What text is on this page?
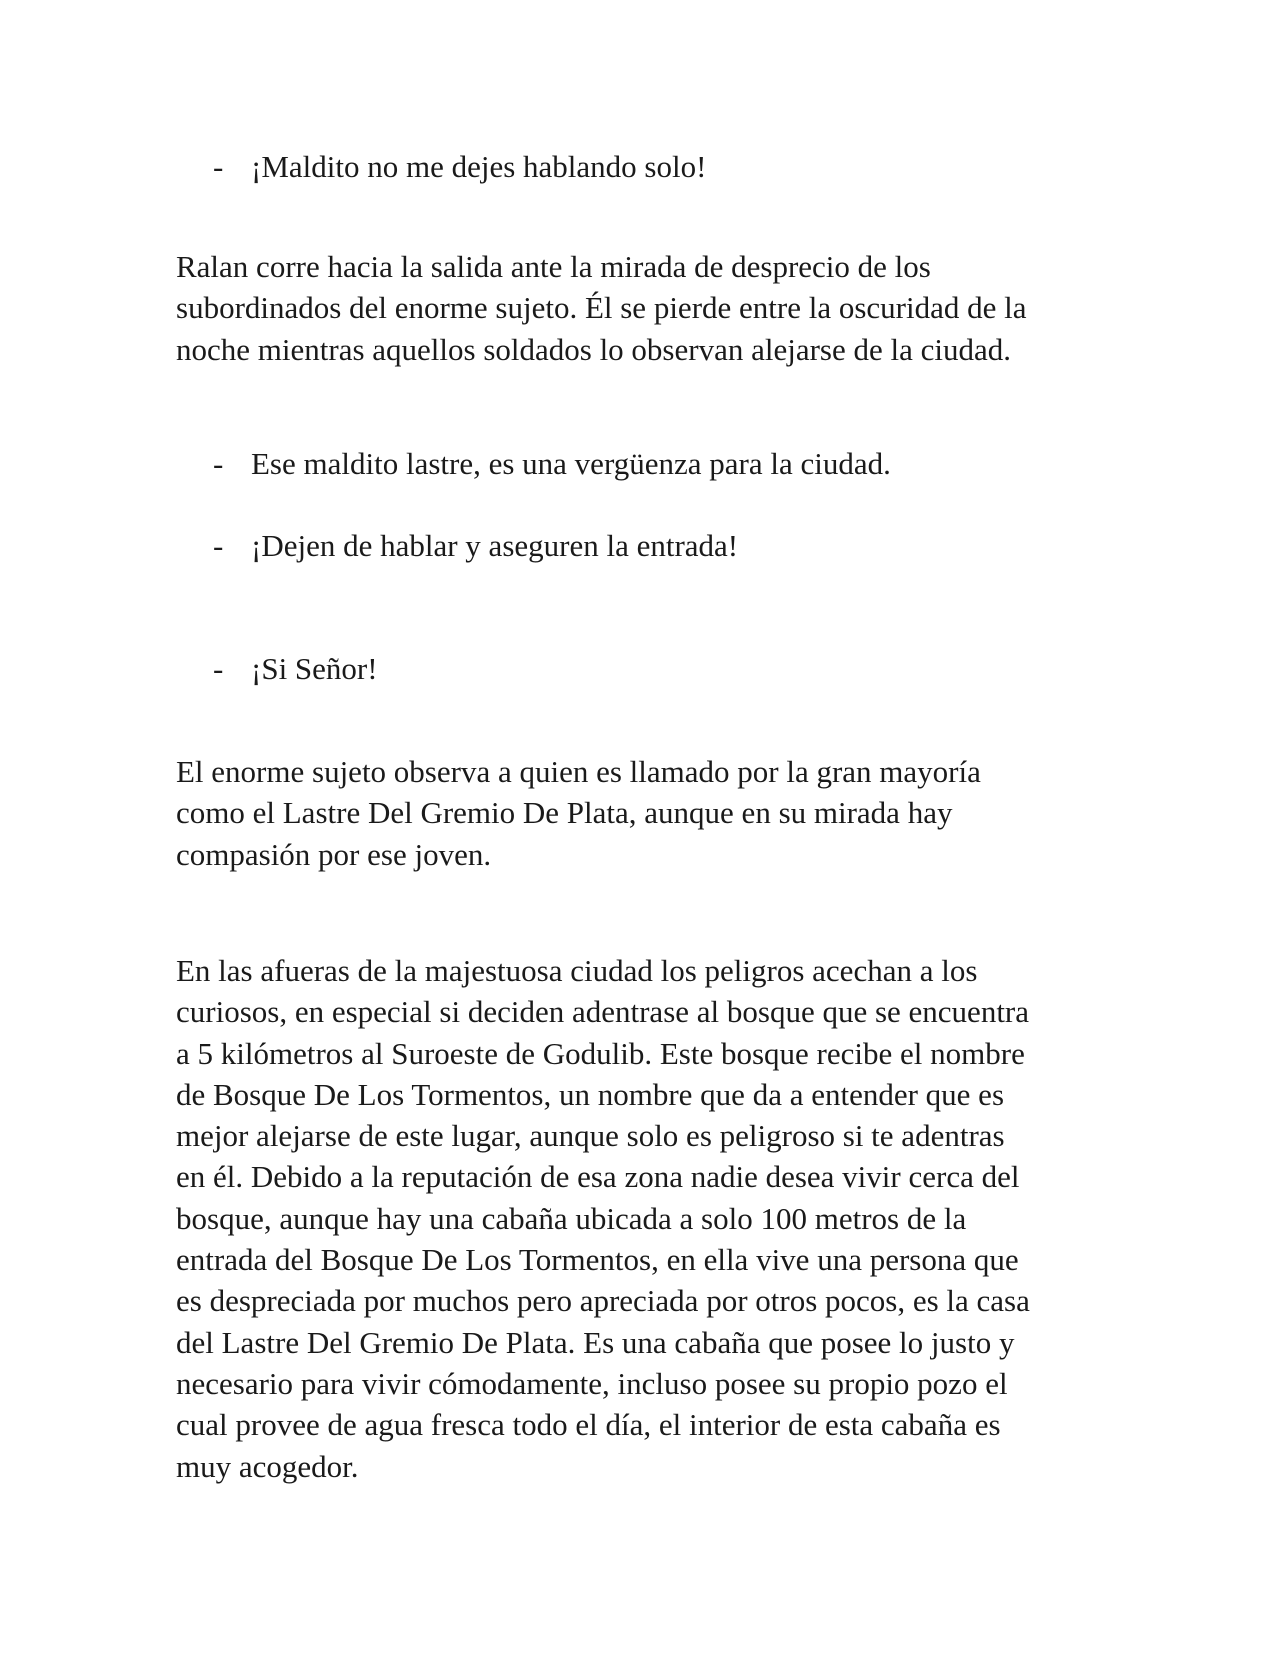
- ¡Maldito no me dejes hablando solo!

Ralan corre hacia la salida ante la mirada de desprecio de los
subordinados del enorme sujeto. Él se pierde entre la oscuridad de la
noche mientras aquellos soldados lo observan alejarse de la ciudad.

- Ese maldito lastre, es una vergüenza para la ciudad.

- ¡Dejen de hablar y aseguren la entrada!

- ¡Si Señor!

El enorme sujeto observa a quien es llamado por la gran mayoría
como el Lastre Del Gremio De Plata, aunque en su mirada hay
compasión por ese joven.
En las afueras de la majestuosa ciudad los peligros acechan a los
curiosos, en especial si deciden adentrase al bosque que se encuentra
a 5 kilómetros al Suroeste de Godulib. Este bosque recibe el nombre
de Bosque De Los Tormentos, un nombre que da a entender que es
mejor alejarse de este lugar, aunque solo es peligroso si te adentras
en él. Debido a la reputación de esa zona nadie desea vivir cerca del
bosque, aunque hay una cabaña ubicada a solo 100 metros de la
entrada del Bosque De Los Tormentos, en ella vive una persona que
es despreciada por muchos pero apreciada por otros pocos, es la casa
del Lastre Del Gremio De Plata. Es una cabaña que posee lo justo y
necesario para vivir cómodamente, incluso posee su propio pozo el
cual provee de agua fresca todo el día, el interior de esta cabaña es
muy acogedor.
